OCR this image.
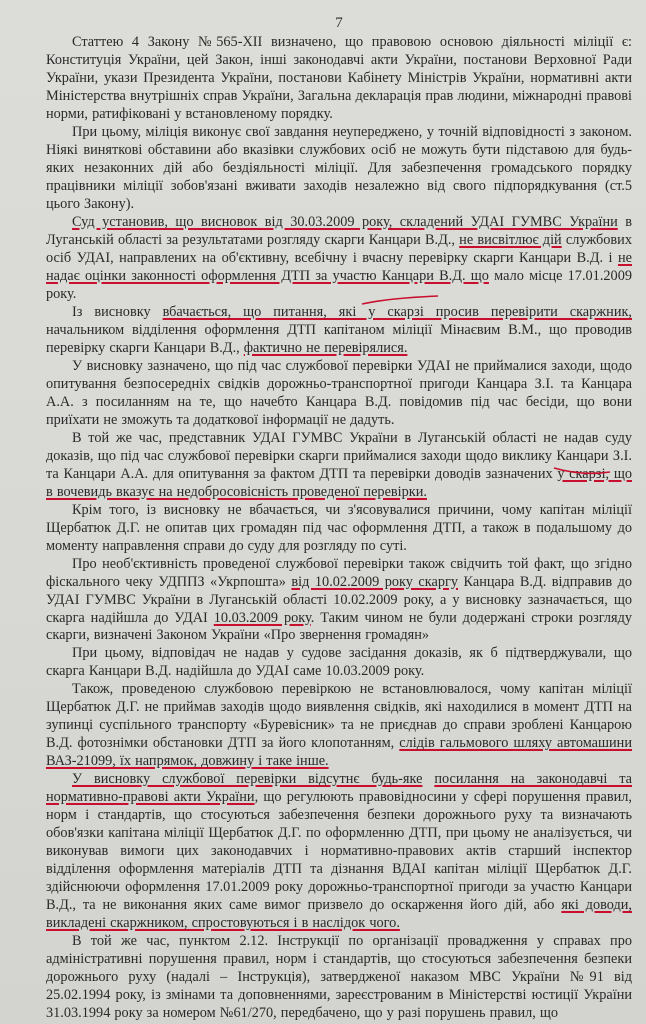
7

Статтею 4 Закону №565-XII визначено, що правовою основою діяльності міліції є: Конституція України, цей Закон, інші законодавчі акти України, постанови Верховної Ради України, укази Президента України, постанови Кабінету Міністрів України, нормативні акти Міністерства внутрішніх справ України, Загальна декларація прав людини, міжнародні правові норми, ратифіковані у встановленому порядку.

При цьому, міліція виконує свої завдання неупереджено, у точній відповідності з законом. Ніякі виняткові обставини або вказівки службових осіб не можуть бути підставою для будь-яких незаконних дій або бездіяльності міліції. Для забезпечення громадського порядку працівники міліції зобов'язані вживати заходів незалежно від свого підпорядкування (ст.5 цього Закону).

Суд установив, що висновок від 30.03.2009 року, складений УДАІ ГУМВС України в Луганській області за результатами розгляду скарги Канцари В.Д., не висвітлює дій службових осіб УДАІ, направлених на об'єктивну, всебічну і вчасну перевірку скарги Канцари В.Д. і не надає оцінки законності оформлення ДТП за участю Канцари В.Д. що мало місце 17.01.2009 року.

Із висновку вбачається, що питання, які у скарзі просив перевірити скаржник, начальником відділення оформлення ДТП капітаном міліції Мінаєвим В.М., що проводив перевірку скарги Канцари В.Д., фактично не перевірялися.

У висновку зазначено, що під час службової перевірки УДАІ не приймалися заходи, щодо опитування безпосередніх свідків дорожньо-транспортної пригоди Канцара З.І. та Канцара А.А. з посиланням на те, що начебто Канцара В.Д. повідомив під час бесіди, що вони приїхати не зможуть та додаткової інформації не дадуть.

В той же час, представник УДАІ ГУМВС України в Луганській області не надав суду доказів, що під час службової перевірки скарги приймалися заходи щодо виклику Канцари З.І. та Канцари А.А. для опитування за фактом ДТП та перевірки доводів зазначених у скарзі, що в вочевидь вказує на недобросовісність проведеної перевірки.

Крім того, із висновку не вбачається, чи з'ясовувалися причини, чому капітан міліції Щербатюк Д.Г. не опитав цих громадян під час оформлення ДТП, а також в подальшому до моменту направлення справи до суду для розгляду по суті.

Про необ'єктивність проведеної службової перевірки також свідчить той факт, що згідно фіскального чеку УДППЗ «Укрпошта» від 10.02.2009 року скаргу Канцара В.Д. відправив до УДАІ ГУМВС України в Луганській області 10.02.2009 року, а у висновку зазначається, що скарга надійшла до УДАІ 10.03.2009 року. Таким чином не були додержані строки розгляду скарги, визначені Законом України «Про звернення громадян»

При цьому, відповідач не надав у судове засідання доказів, як б підтверджували, що скарга Канцари В.Д. надійшла до УДАІ саме 10.03.2009 року.

Також, проведеною службовою перевіркою не встановлювалося, чому капітан міліції Щербатюк Д.Г. не приймав заходів щодо виявлення свідків, які находилися в момент ДТП на зупинці суспільного транспорту «Буревісник» та не приєднав до справи зроблені Канцарою В.Д. фотознімки обстановки ДТП за його клопотанням, слідів гальмового шляху автомашини ВАЗ-21099, їх напрямок, довжину і таке інше.

У висновку службової перевірки відсутнє будь-яке посилання на законодавчі та нормативно-правові акти України, що регулюють правовідносини у сфері порушення правил, норм і стандартів, що стосуються забезпечення безпеки дорожнього руху та визначають обов'язки капітана міліції Щербатюк Д.Г. по оформленню ДТП, при цьому не аналізується, чи виконував вимоги цих законодавчих і нормативно-правових актів старший інспектор відділення оформлення матеріалів ДТП та дізнання ВДАІ капітан міліції Щербатюк Д.Г. здійснюючи оформлення 17.01.2009 року дорожньо-транспортної пригоди за участю Канцари В.Д., та не виконання яких саме вимог призвело до оскарження його дій, або які доводи, викладені скаржником, спростовуються і в наслідок чого.

В той же час, пунктом 2.12. Інструкції по організації провадження у справах про адміністративні порушення правил, норм і стандартів, що стосуються забезпечення безпеки дорожнього руху (надалі – Інструкція), затвердженої наказом МВС України №91 від 25.02.1994 року, із змінами та доповненнями, зареєстрованим в Міністерстві юстиції України 31.03.1994 року за номером №61/270, передбачено, що у разі порушень правил, що
